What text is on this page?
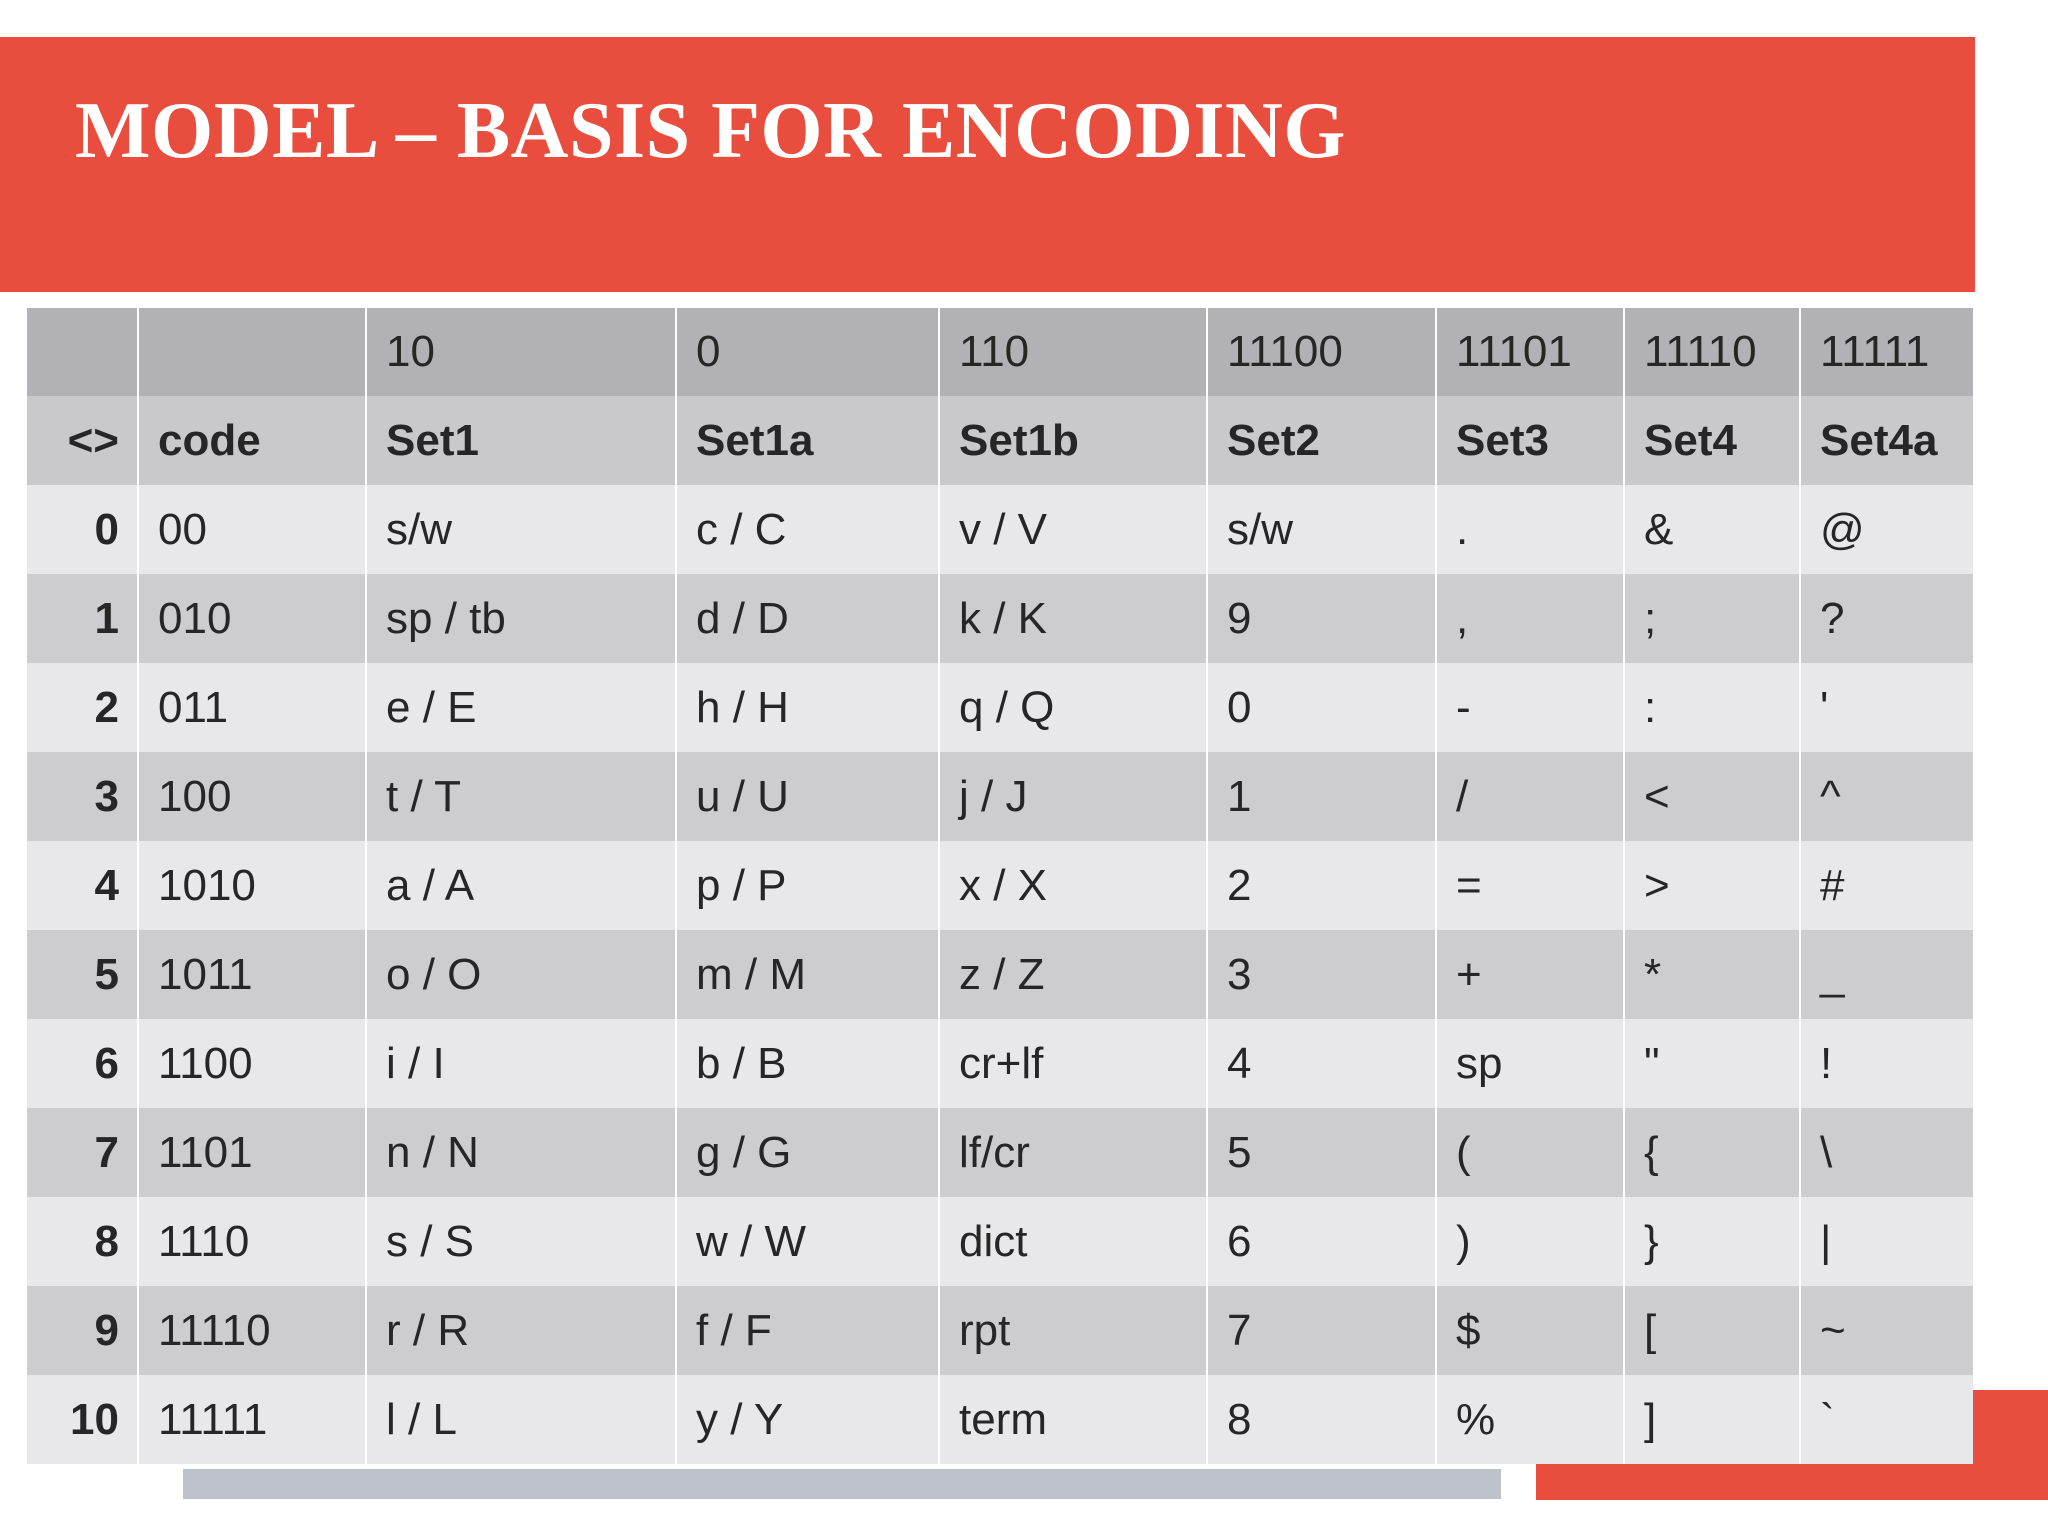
MODEL – BASIS FOR ENCODING
		10	0	110	11100	11101	11110	11111
<>	code	Set1	Set1a	Set1b	Set2	Set3	Set4	Set4a
0	00	s/w	c / C	v / V	s/w	.	&	@
1	010	sp / tb	d / D	k / K	9	,	;	?
2	011	e / E	h / H	q / Q	0	-	:	'
3	100	t / T	u / U	j / J	1	/	<	^
4	1010	a / A	p / P	x / X	2	=	>	#
5	1011	o / O	m / M	z / Z	3	+	*	_
6	1100	i / I	b / B	cr+lf	4	sp	"	!
7	1101	n / N	g / G	lf/cr	5	(	{	\
8	1110	s / S	w / W	dict	6	)	}	|
9	11110	r / R	f / F	rpt	7	$	[	~
10	11111	l / L	y / Y	term	8	%	]	`
